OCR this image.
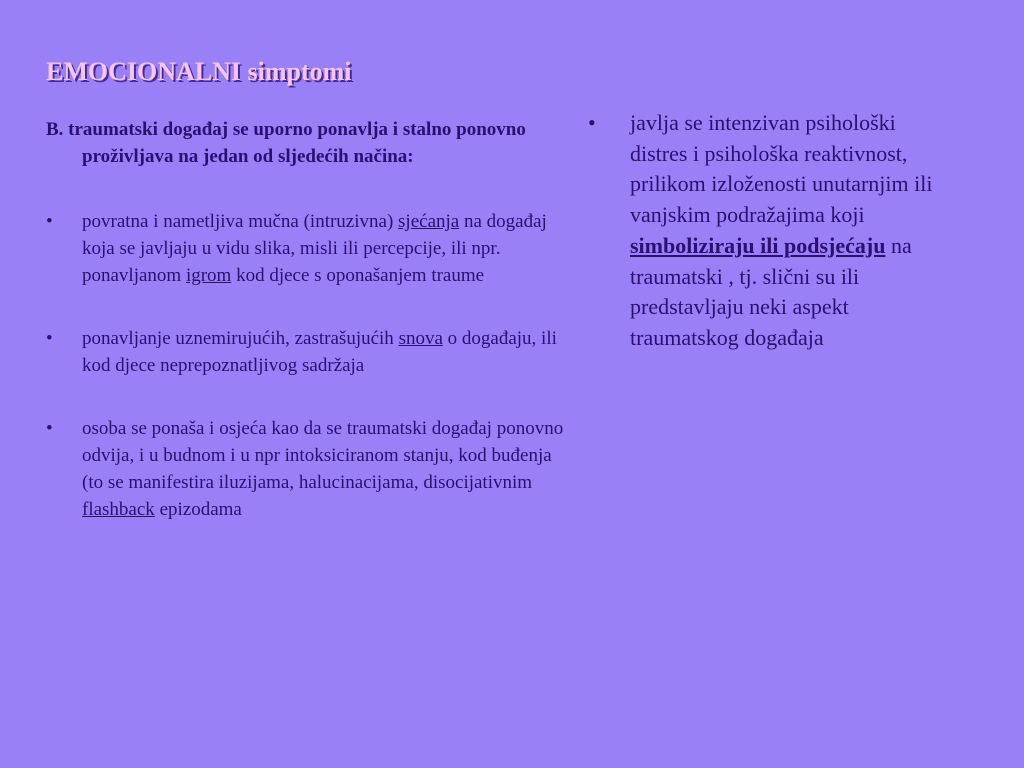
EMOCIONALNI simptomi

B. traumatski događaj se uporno ponavlja i stalno ponovno proživljava na jedan od sljedećih načina:

•	povratna i nametljiva mučna (intruzivna) sjećanja na događaj koja se javljaju u vidu slika, misli ili percepcije, ili npr. ponavljanom igrom kod djece s oponašanjem traume
•	ponavljanje uznemirujućih, zastrašujućih snova o događaju, ili kod djece neprepoznatljivog sadržaja
•	osoba se ponaša i osjeća kao da se traumatski događaj ponovno odvija, i u budnom i u npr intoksiciranom stanju, kod buđenja (to se manifestira iluzijama, halucinacijama, disocijativnim flashback epizodama
•	javlja se intenzivan psihološki distres i psihološka reaktivnost, prilikom izloženosti unutarnjim ili vanjskim podražajima koji simboliziraju ili podsjećaju na traumatski , tj. slični su ili predstavljaju neki aspekt traumatskog događaja
